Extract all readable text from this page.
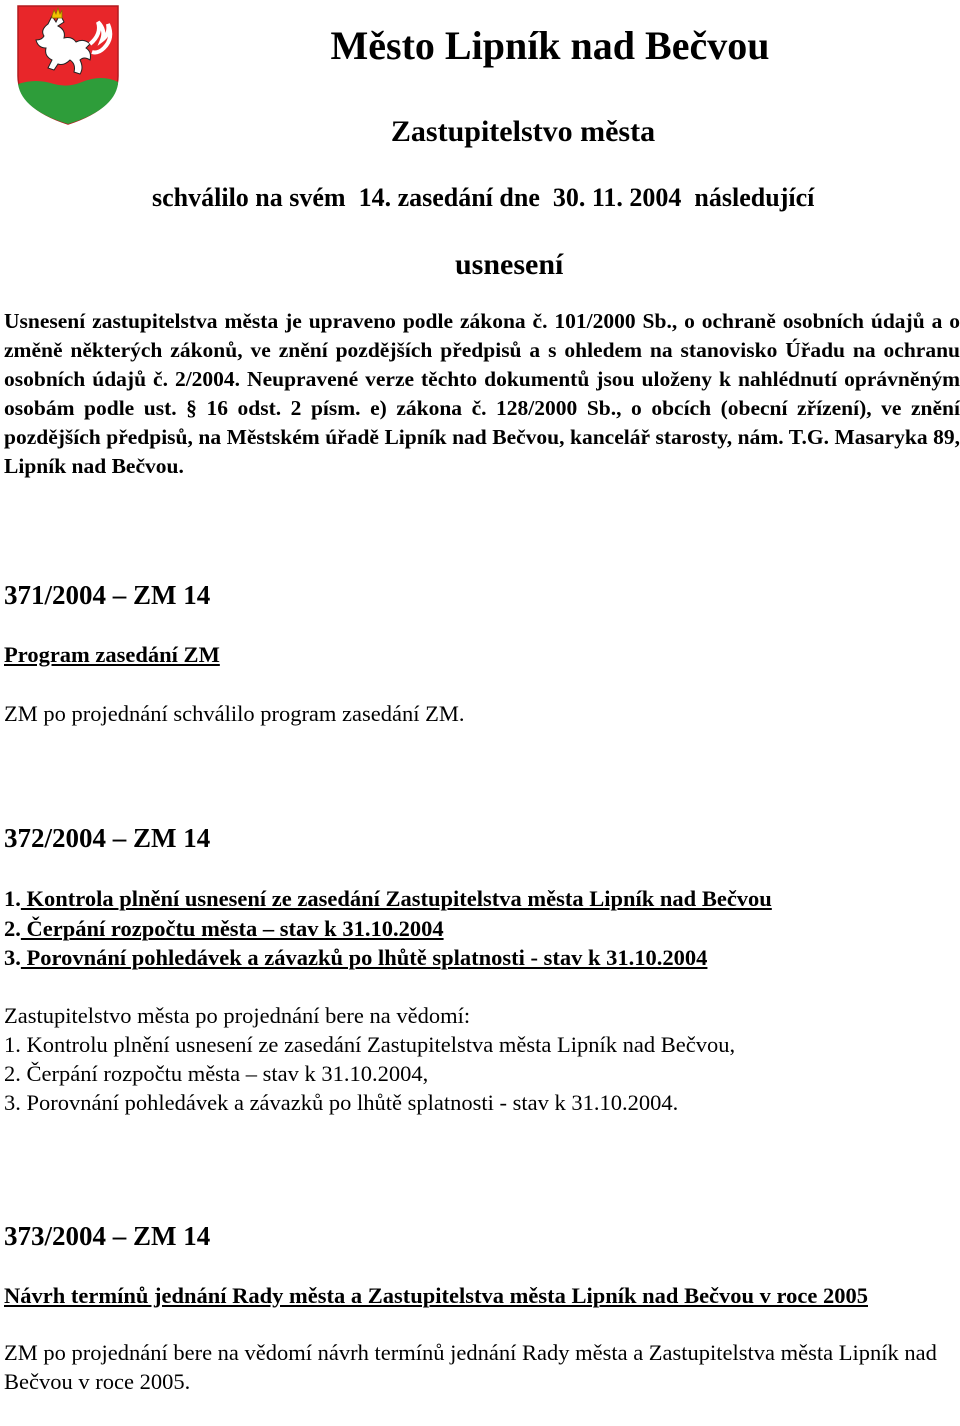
Město Lipník nad Bečvou
Zastupitelstvo města

schválilo na svém  14. zasedání dne  30. 11. 2004  následující

usnesení

Usnesení zastupitelstva města je upraveno podle zákona č. 101/2000 Sb., o ochraně osobních údajů a o změně některých zákonů, ve znění pozdějších předpisů a s ohledem na stanovisko Úřadu na ochranu osobních údajů č. 2/2004. Neupravené verze těchto dokumentů jsou uloženy k nahlédnutí oprávněným osobám podle ust. § 16 odst. 2 písm. e) zákona č. 128/2000 Sb., o obcích (obecní zřízení), ve znění pozdějších předpisů, na Městském úřadě Lipník nad Bečvou, kancelář starosty, nám. T.G. Masaryka 89, Lipník nad Bečvou.

371/2004 – ZM 14

Program zasedání ZM

ZM po projednání schválilo program zasedání ZM.

372/2004 – ZM 14

1. Kontrola plnění usnesení ze zasedání Zastupitelstva města Lipník nad Bečvou
2. Čerpání rozpočtu města – stav k 31.10.2004
3. Porovnání pohledávek a závazků po lhůtě splatnosti - stav k 31.10.2004

Zastupitelstvo města po projednání bere na vědomí:

1. Kontrolu plnění usnesení ze zasedání Zastupitelstva města Lipník nad Bečvou,
2. Čerpání rozpočtu města – stav k 31.10.2004,
3. Porovnání pohledávek a závazků po lhůtě splatnosti - stav k 31.10.2004.

373/2004 – ZM 14

Návrh termínů jednání Rady města a Zastupitelstva města Lipník nad Bečvou v roce 2005

ZM po projednání bere na vědomí návrh termínů jednání Rady města a Zastupitelstva města Lipník nad Bečvou v roce 2005.
